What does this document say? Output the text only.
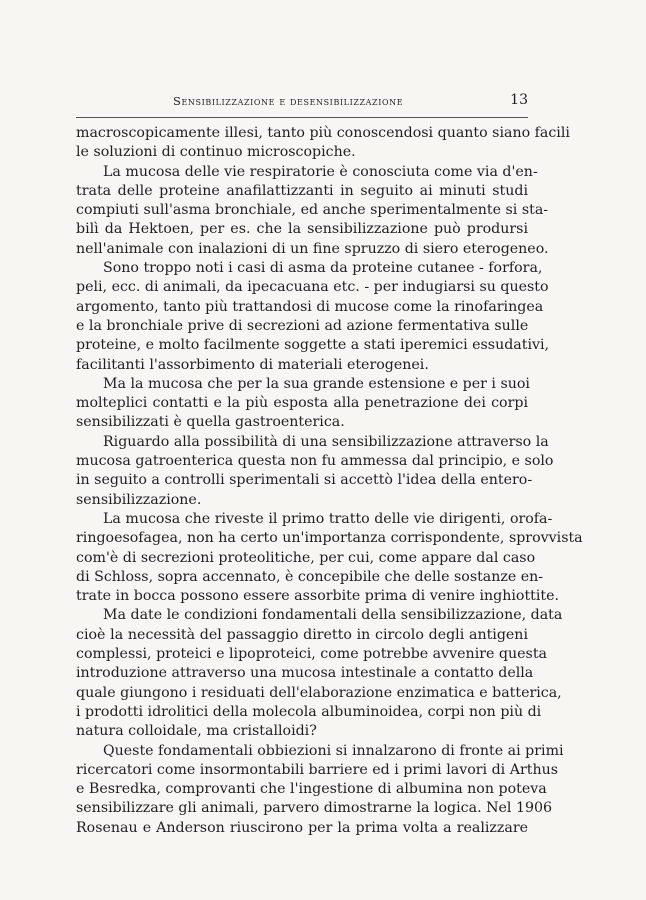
Sensibilizzazione e desensibilizzazione	13
macroscopicamente illesi, tanto più conoscendosi quanto siano facili
le soluzioni di continuo microscopiche.
La mucosa delle vie respiratorie è conosciuta come via d'en-
trata delle proteine anafilattizzanti in seguito ai minuti studi
compiuti sull'asma bronchiale, ed anche sperimentalmente si sta-
bilì da Hektoen, per es. che la sensibilizzazione può prodursi
nell'animale con inalazioni di un fine spruzzo di siero eterogeneo.
Sono troppo noti i casi di asma da proteine cutanee - forfora,
peli, ecc. di animali, da ipecacuana etc. - per indugiarsi su questo
argomento, tanto più trattandosi di mucose come la rinofaringea
e la bronchiale prive di secrezioni ad azione fermentativa sulle
proteine, e molto facilmente soggette a stati iperemici essudativi,
facilitanti l'assorbimento di materiali eterogenei.
Ma la mucosa che per la sua grande estensione e per i suoi
molteplici contatti e la più esposta alla penetrazione dei corpi
sensibilizzati è quella gastroenterica.
Riguardo alla possibilità di una sensibilizzazione attraverso la
mucosa gatroenterica questa non fu ammessa dal principio, e solo
in seguito a controlli sperimentali si accettò l'idea della entero-
sensibilizzazione.
La mucosa che riveste il primo tratto delle vie dirigenti, orofa-
ringoesofagea, non ha certo un'importanza corrispondente, sprovvista
com'è di secrezioni proteolitiche, per cui, come appare dal caso
di Schloss, sopra accennato, è concepibile che delle sostanze en-
trate in bocca possono essere assorbite prima di venire inghiottite.
Ma date le condizioni fondamentali della sensibilizzazione, data
cioè la necessità del passaggio diretto in circolo degli antigeni
complessi, proteici e lipoproteici, come potrebbe avvenire questa
introduzione attraverso una mucosa intestinale a contatto della
quale giungono i residuati dell'elaborazione enzimatica e batterica,
i prodotti idrolitici della molecola albuminoidea, corpi non più di
natura colloidale, ma cristalloidi?
Queste fondamentali obbiezioni si innalzarono di fronte ai primi
ricercatori come insormontabili barriere ed i primi lavori di Arthus
e Besredka, comprovanti che l'ingestione di albumina non poteva
sensibilizzare gli animali, parvero dimostrarne la logica. Nel 1906
Rosenau e Anderson riuscirono per la prima volta a realizzare
